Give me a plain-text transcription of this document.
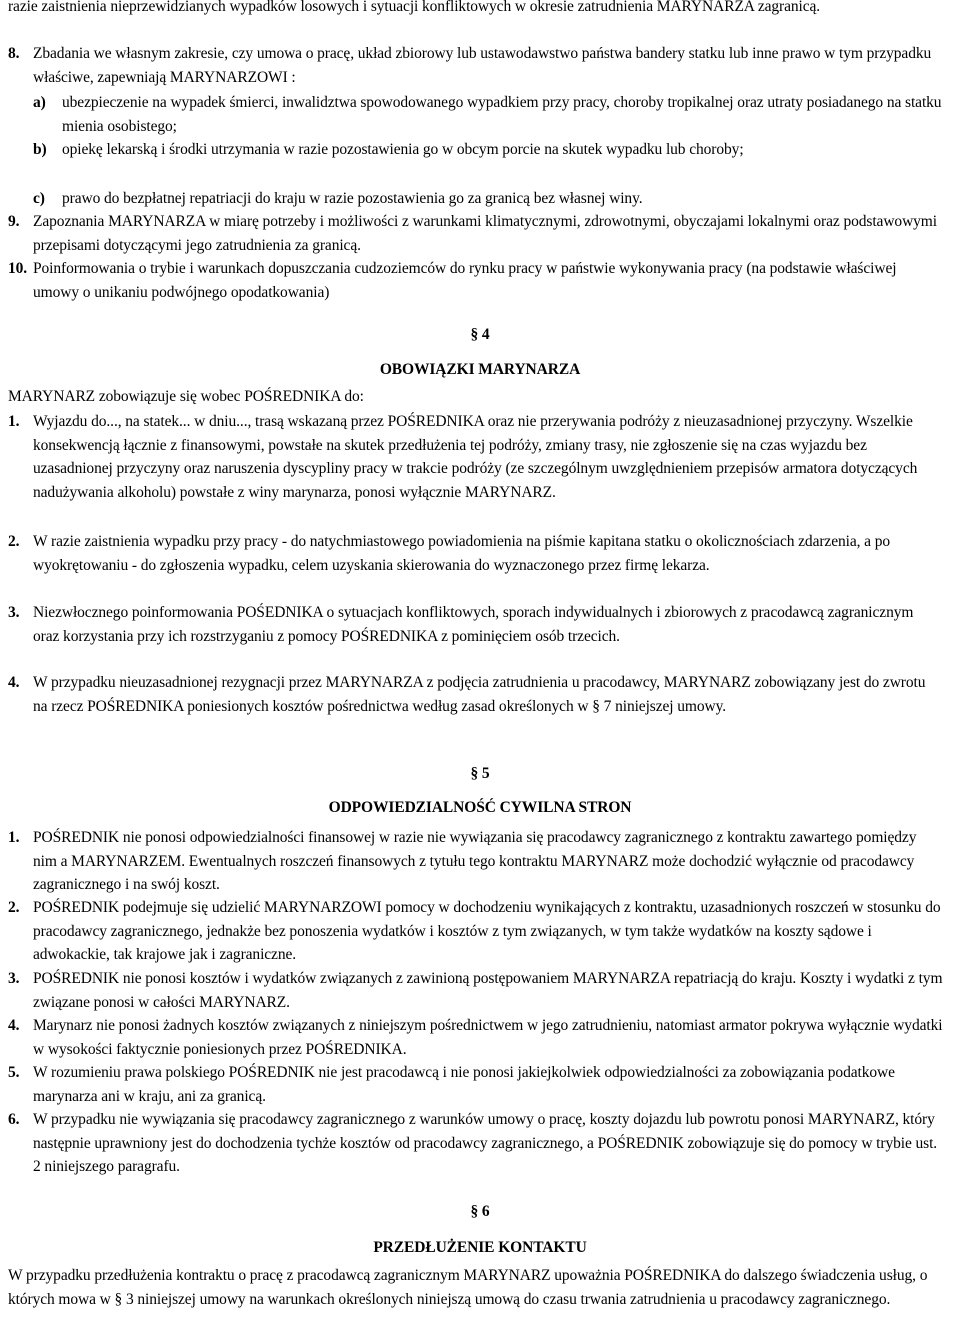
razie zaistnienia nieprzewidzianych wypadków losowych i sytuacji konfliktowych w okresie zatrudnienia MARYNARZA zagranicą.
8. Zbadania we własnym zakresie, czy umowa o pracę, układ zbiorowy lub ustawodawstwo państwa bandery statku lub inne prawo w tym przypadku właściwe, zapewniają MARYNARZOWI :
a) ubezpieczenie na wypadek śmierci, inwalidztwa spowodowanego wypadkiem przy pracy, choroby tropikalnej oraz utraty posiadanego na statku mienia osobistego;
b) opiekę lekarską i środki utrzymania w razie pozostawienia go w obcym porcie na skutek wypadku lub choroby;
c) prawo do bezpłatnej repatriacji do kraju w razie pozostawienia go za granicą bez własnej winy.
9. Zapoznania MARYNARZA w miarę potrzeby i możliwości z warunkami klimatycznymi, zdrowotnymi, obyczajami lokalnymi oraz podstawowymi przepisami dotyczącymi jego zatrudnienia za granicą.
10. Poinformowania o trybie i warunkach dopuszczania cudzoziemców do rynku pracy w państwie wykonywania pracy (na podstawie właściwej umowy o unikaniu podwójnego opodatkowania)
§ 4
OBOWIĄZKI MARYNARZA
MARYNARZ zobowiązuje się wobec POŚREDNIKA do:
1. Wyjazdu do..., na statek... w dniu..., trasą wskazaną przez POŚREDNIKA oraz nie przerywania podróży z nieuzasadnionej przyczyny. Wszelkie konsekwencją łącznie z finansowymi, powstałe na skutek przedłużenia tej podróży, zmiany trasy, nie zgłoszenie się na czas wyjazdu bez uzasadnionej przyczyny oraz naruszenia dyscypliny pracy w trakcie podróży (ze szczególnym uwzględnieniem przepisów armatora dotyczących nadużywania alkoholu) powstałe z winy marynarza, ponosi wyłącznie MARYNARZ.
2. W razie zaistnienia wypadku przy pracy - do natychmiastowego powiadomienia na piśmie kapitana statku o okolicznościach zdarzenia, a po wyokrętowaniu - do zgłoszenia wypadku, celem uzyskania skierowania do wyznaczonego przez firmę lekarza.
3. Niezwłocznego poinformowania POŚEDNIKA o sytuacjach konfliktowych, sporach indywidualnych i zbiorowych z pracodawcą zagranicznym oraz korzystania przy ich rozstrzyganiu z pomocy POŚREDNIKA z pominięciem osób trzecich.
4. W przypadku nieuzasadnionej rezygnacji przez MARYNARZA z podjęcia zatrudnienia u pracodawcy, MARYNARZ zobowiązany jest do zwrotu na rzecz POŚREDNIKA poniesionych kosztów pośrednictwa według zasad określonych w § 7 niniejszej umowy.
§ 5
ODPOWIEDZIALNOŚĆ CYWILNA STRON
1. POŚREDNIK nie ponosi odpowiedzialności finansowej w razie nie wywiązania się pracodawcy zagranicznego z kontraktu zawartego pomiędzy nim a MARYNARZEM. Ewentualnych roszczeń finansowych z tytułu tego kontraktu MARYNARZ może dochodzić wyłącznie od pracodawcy zagranicznego i na swój koszt.
2. POŚREDNIK podejmuje się udzielić MARYNARZOWI pomocy w dochodzeniu wynikających z kontraktu, uzasadnionych roszczeń w stosunku do pracodawcy zagranicznego, jednakże bez ponoszenia wydatków i kosztów z tym związanych, w tym także wydatków na koszty sądowe i adwokackie, tak krajowe jak i zagraniczne.
3. POŚREDNIK nie ponosi kosztów i wydatków związanych z zawinioną postępowaniem MARYNARZA repatriacją do kraju. Koszty i wydatki z tym związane ponosi w całości MARYNARZ.
4. Marynarz nie ponosi żadnych kosztów związanych z niniejszym pośrednictwem w jego zatrudnieniu, natomiast armator pokrywa wyłącznie wydatki w wysokości faktycznie poniesionych przez POŚREDNIKA.
5. W rozumieniu prawa polskiego POŚREDNIK nie jest pracodawcą i nie ponosi jakiejkolwiek odpowiedzialności za zobowiązania podatkowe marynarza ani w kraju, ani za granicą.
6. W przypadku nie wywiązania się pracodawcy zagranicznego z warunków umowy o pracę, koszty dojazdu lub powrotu ponosi MARYNARZ, który następnie uprawniony jest do dochodzenia tychże kosztów od pracodawcy zagranicznego, a POŚREDNIK zobowiązuje się do pomocy w trybie ust. 2 niniejszego paragrafu.
§ 6
PRZEDŁUŻENIE KONTAKTU
W przypadku przedłużenia kontraktu o pracę z pracodawcą zagranicznym MARYNARZ upoważnia POŚREDNIKA do dalszego świadczenia usług, o których mowa w § 3 niniejszej umowy na warunkach określonych niniejszą umową do czasu trwania zatrudnienia u pracodawcy zagranicznego.
